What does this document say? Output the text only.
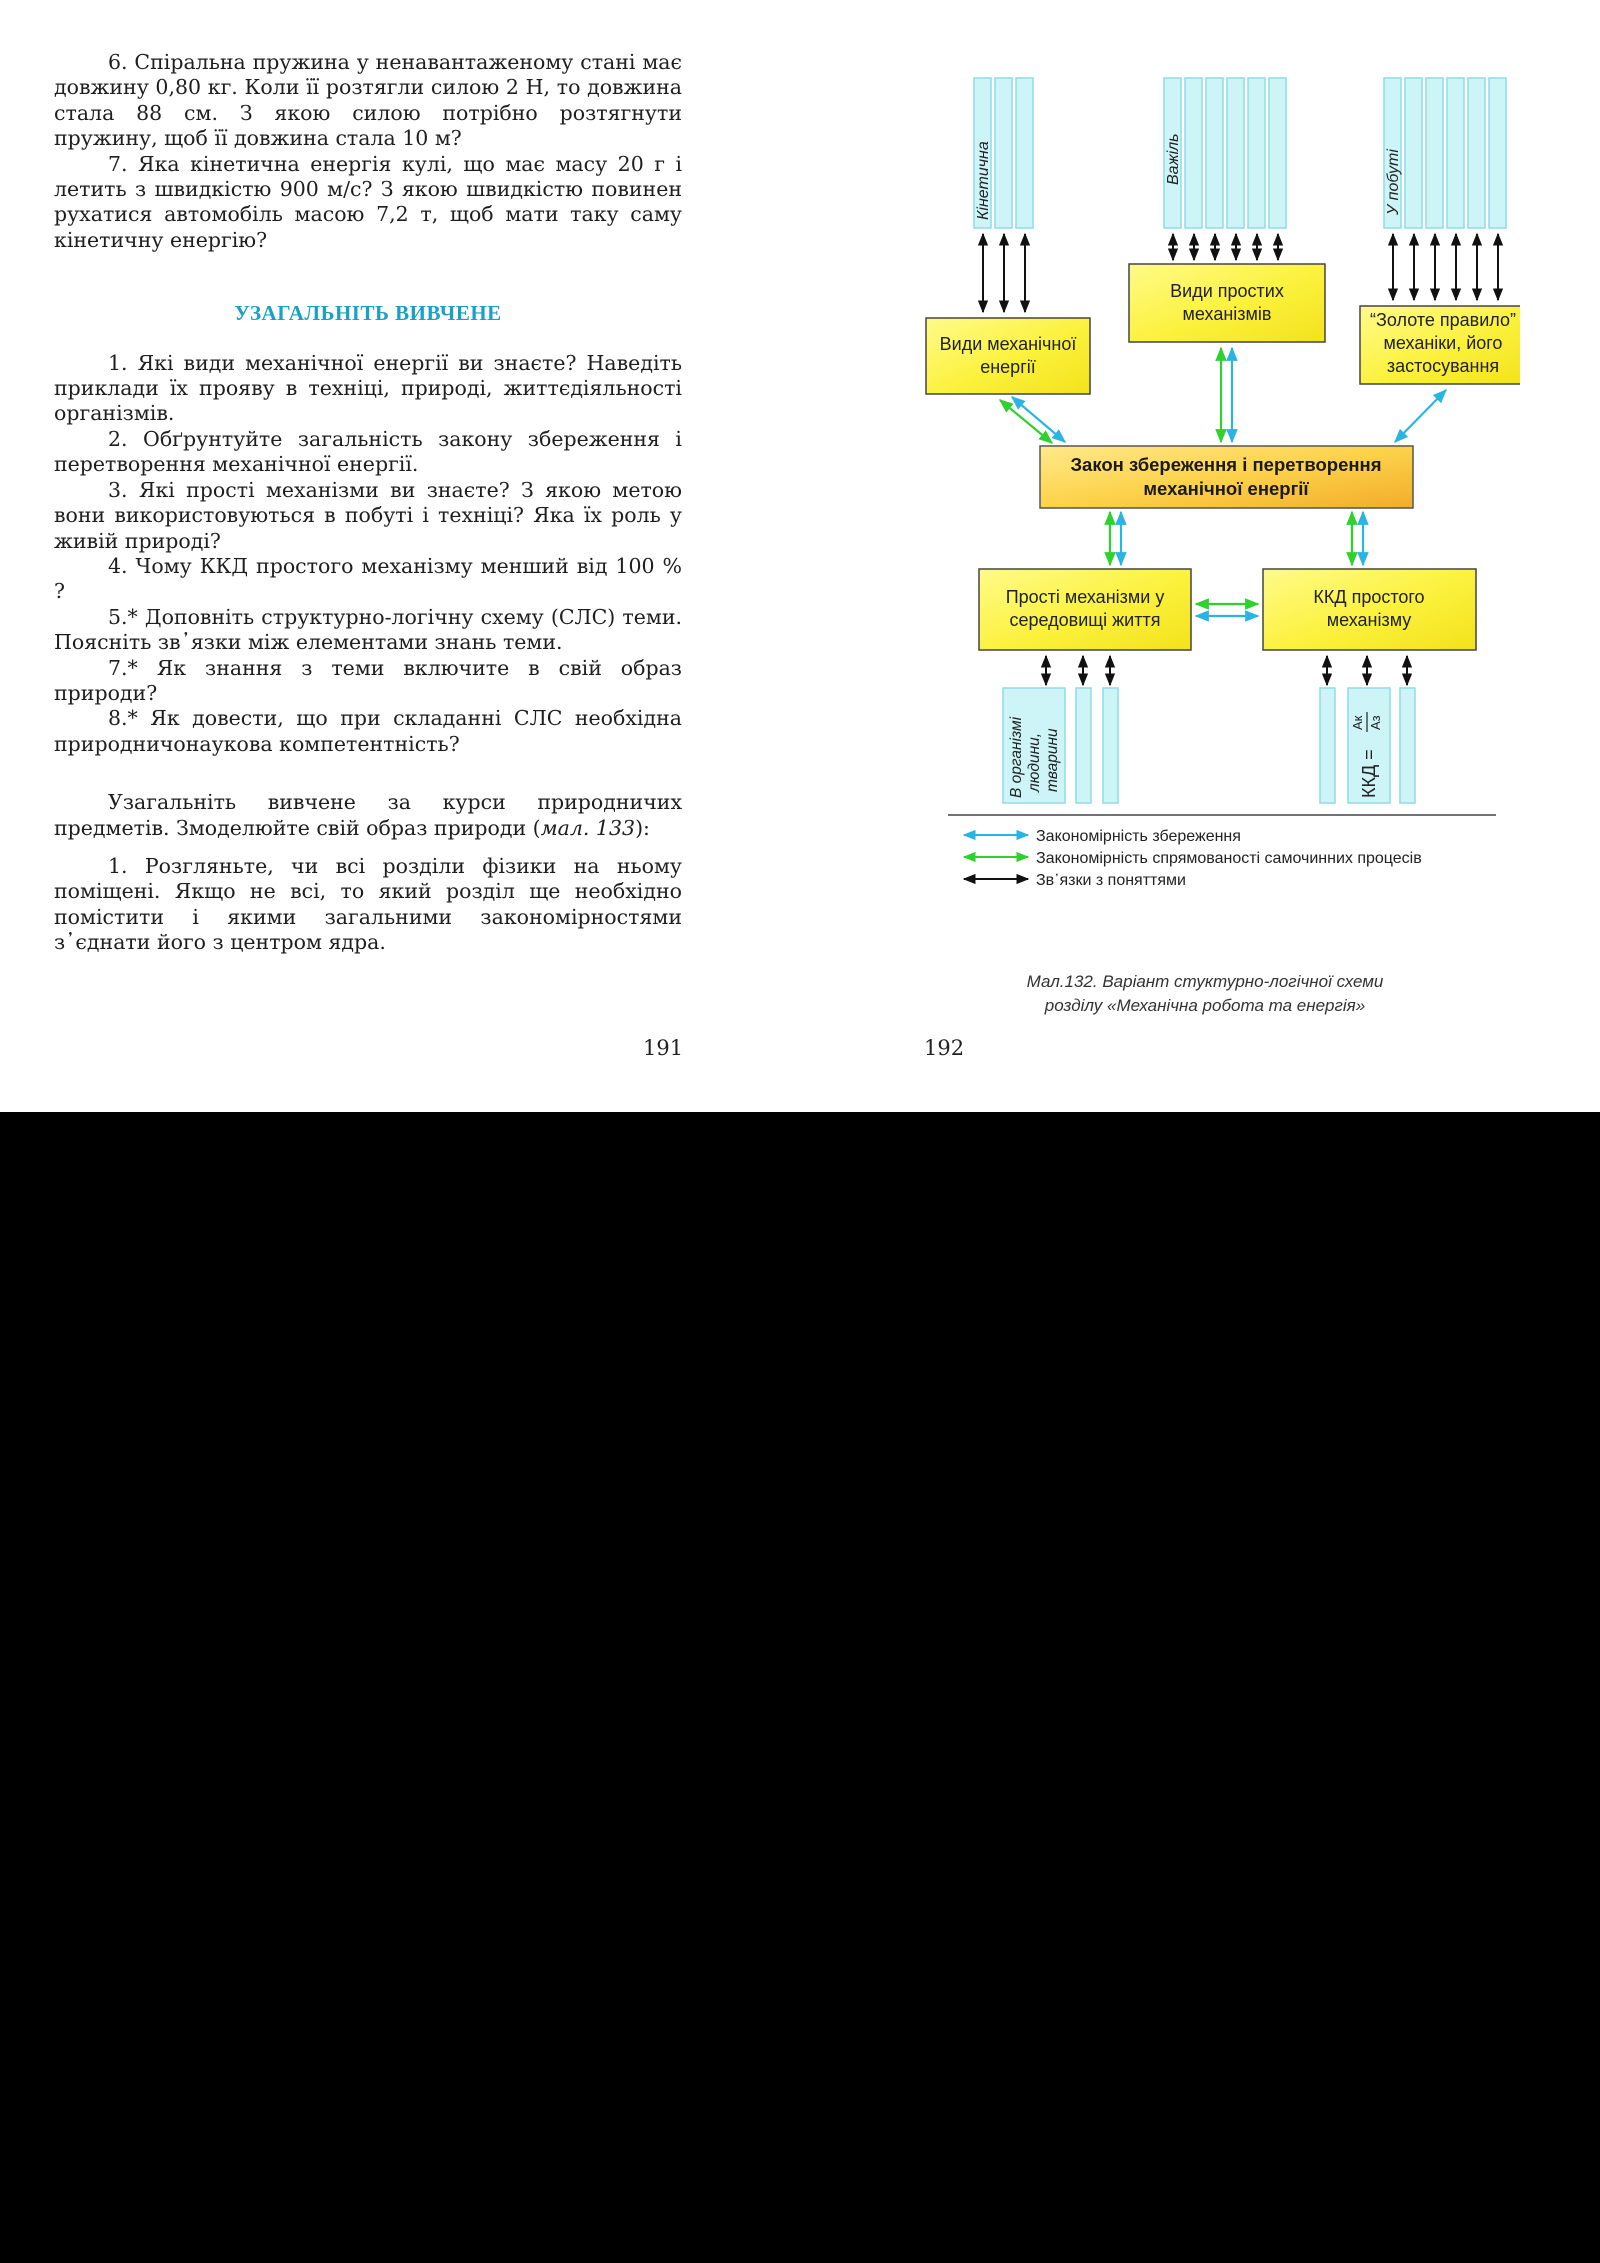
6. Спіральна пружина у ненавантаженому стані має довжину 0,80 кг. Коли її розтягли силою 2 Н, то довжина стала 88 см. З якою силою потрібно розтягнути пружину, щоб її довжина стала 10 м?

7. Яка кінетична енергія кулі, що має масу 20 г і летить з швидкістю 900 м/с? З якою швидкістю повинен рухатися автомобіль масою 7,2 т, щоб мати таку саму кінетичну енергію?

УЗАГАЛЬНІТЬ ВИВЧЕНЕ

1. Які види механічної енергії ви знаєте? Наведіть приклади їх прояву в техніці, природі, життєдіяльності організмів.

2. Обґрунтуйте загальність закону збереження і перетворення механічної енергії.

3. Які прості механізми ви знаєте? З якою метою вони використовуються в побуті і техніці? Яка їх роль у живій природі?

4. Чому ККД простого механізму менший від 100 % ?

5.* Доповніть структурно-логічну схему (СЛС) теми. Поясніть зв᾽язки між елементами знань теми.

7.* Як знання з теми включите в свій образ природи?

8.* Як довести, що при складанні СЛС необхідна природничонаукова компетентність?

Узагальніть вивчене за курси природничих предметів. Змоделюйте свій образ природи (мал. 133):

1. Розгляньте, чи всі розділи фізики на ньому поміщені. Якщо не всі, то який розділ ще необхідно помістити і якими загальними закономірностями з᾽єднати його з центром ядра.

191	192
Кінетична	Важіль	У побуті
Види механічної
енергії
Види простих
механізмів	“Золоте правило”
механіки, його
застосування
Закон збереження і перетворення
механічної енергії
Прості механізми у
середовищі життя
ККД простого
механізму
В організмі людини, тварини	ККД =
Ак Аз
Закономірність збереження
Закономірність спрямованості самочинних процесів
Зв᾽язки з поняттями
Мал.132. Варіант стуктурно-логічної схеми
розділу «Механічна робота та енергія»
